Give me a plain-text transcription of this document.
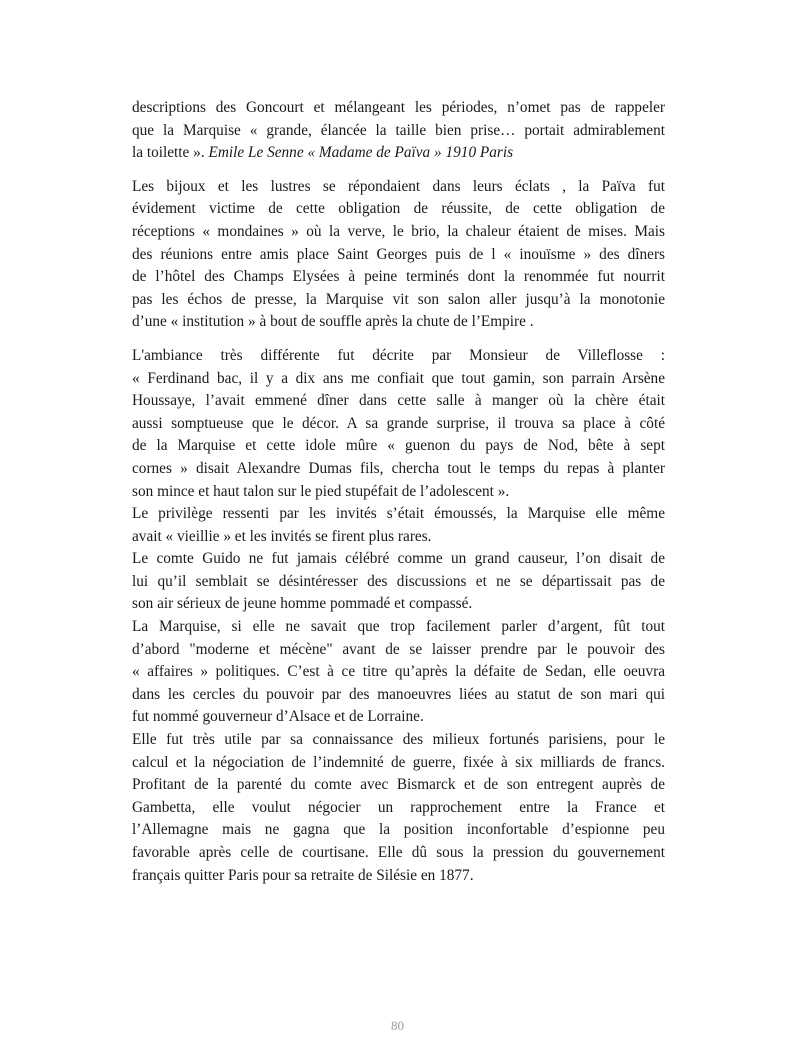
descriptions des Goncourt et mélangeant les périodes, n’omet pas de rappeler
que la Marquise « grande, élancée la taille bien prise… portait admirablement
la toilette ». Emile Le Senne « Madame de Païva » 1910 Paris

Les bijoux et les lustres se répondaient dans leurs éclats , la Païva fut
évidement victime de cette obligation de réussite, de cette obligation de
réceptions « mondaines » où la verve, le brio, la chaleur étaient de mises. Mais
des réunions entre amis place Saint Georges puis de l « inouïsme » des dîners
de l’hôtel des Champs Elysées à peine terminés dont la renommée fut nourrit
pas les échos de presse, la Marquise vit son salon aller jusqu’à la monotonie
d’une « institution » à bout de souffle après la chute de l’Empire .

L'ambiance très différente fut décrite par Monsieur de Villeflosse :
« Ferdinand bac, il y a dix ans me confiait que tout gamin, son parrain Arsène
Houssaye, l’avait emmené dîner dans cette salle à manger où la chère était
aussi somptueuse que le décor. A sa grande surprise, il trouva sa place à côté
de la Marquise et cette idole mûre « guenon du pays de Nod, bête à sept
cornes » disait Alexandre Dumas fils, chercha tout le temps du repas à planter
son mince et haut talon sur le pied stupéfait de l’adolescent ».
Le privilège ressenti par les invités s’était émoussés, la Marquise elle même
avait « vieillie » et les invités se firent plus rares.
Le comte Guido ne fut jamais célébré comme un grand causeur, l’on disait de
lui qu’il semblait se désintéresser des discussions et ne se départissait pas de
son air sérieux de jeune homme pommadé et compassé.
La Marquise, si elle ne savait que trop facilement parler d’argent, fût tout
d’abord "moderne et mécène" avant de se laisser prendre par le pouvoir des
« affaires » politiques. C’est à ce titre qu’après la défaite de Sedan, elle oeuvra
dans les cercles du pouvoir par des manoeuvres liées au statut de son mari qui
fut nommé gouverneur d’Alsace et de Lorraine.
Elle fut très utile par sa connaissance des milieux fortunés parisiens, pour le
calcul et la négociation de l’indemnité de guerre, fixée à six milliards de francs.
Profitant de la parenté du comte avec Bismarck et de son entregent auprès de
Gambetta, elle voulut négocier un rapprochement entre la France et
l’Allemagne mais ne gagna que la position inconfortable d’espionne peu
favorable après celle de courtisane. Elle dû sous la pression du gouvernement
français quitter Paris pour sa retraite de Silésie en 1877.

80
